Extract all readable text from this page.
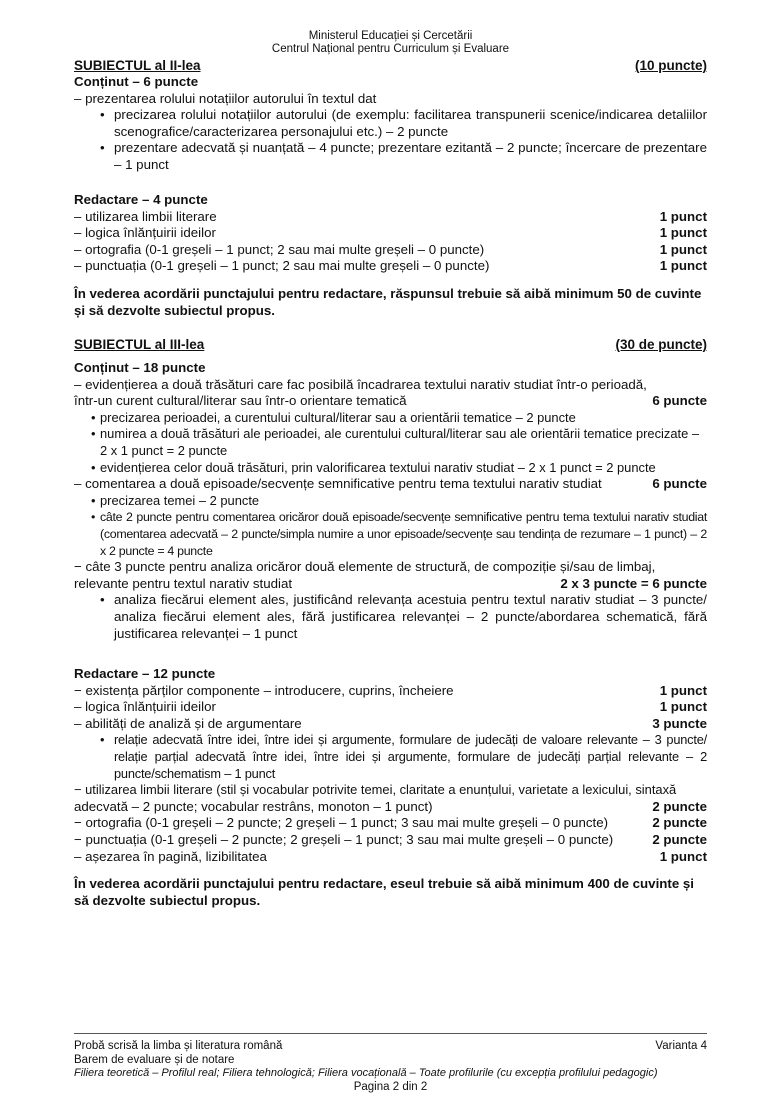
Ministerul Educației și Cercetării
Centrul Național pentru Curriculum și Evaluare
SUBIECTUL al II-lea	(10 puncte)
Conținut – 6 puncte
– prezentarea rolului notațiilor autorului în textul dat
• precizarea rolului notațiilor autorului (de exemplu: facilitarea transpunerii scenice/indicarea detaliilor scenografice/caracterizarea personajului etc.) – 2 puncte
• prezentare adecvată și nuanțată – 4 puncte; prezentare ezitantă – 2 puncte; încercare de prezentare – 1 punct
Redactare – 4 puncte
– utilizarea limbii literare	1 punct
– logica înlănțuirii ideilor	1 punct
– ortografia (0-1 greșeli – 1 punct; 2 sau mai multe greșeli – 0 puncte)	1 punct
– punctuația (0-1 greșeli – 1 punct; 2 sau mai multe greșeli – 0 puncte)	1 punct
În vederea acordării punctajului pentru redactare, răspunsul trebuie să aibă minimum 50 de cuvinte și să dezvolte subiectul propus.
SUBIECTUL al III-lea	(30 de puncte)
Conținut – 18 puncte
– evidențierea a două trăsături care fac posibilă încadrarea textului narativ studiat într-o perioadă,
într-un curent cultural/literar sau într-o orientare tematică	6 puncte
• precizarea perioadei, a curentului cultural/literar sau a orientării tematice – 2 puncte
• numirea a două trăsături ale perioadei, ale curentului cultural/literar sau ale orientării tematice precizate – 2 x 1 punct = 2 puncte
• evidențierea celor două trăsături, prin valorificarea textului narativ studiat – 2 x 1 punct = 2 puncte
– comentarea a două episoade/secvențe semnificative pentru tema textului narativ studiat	6 puncte
• precizarea temei – 2 puncte
• câte 2 puncte pentru comentarea oricăror două episoade/secvențe semnificative pentru tema textului narativ studiat (comentarea adecvată – 2 puncte/simpla numire a unor episoade/secvențe sau tendința de rezumare – 1 punct) – 2 x 2 puncte = 4 puncte
− câte 3 puncte pentru analiza oricăror două elemente de structură, de compoziție și/sau de limbaj,
relevante pentru textul narativ studiat	2 x 3 puncte = 6 puncte
• analiza fiecărui element ales, justificând relevanța acestuia pentru textul narativ studiat – 3 puncte/ analiza fiecărui element ales, fără justificarea relevanței – 2 puncte/abordarea schematică, fără justificarea relevanței – 1 punct
Redactare – 12 puncte
− existența părților componente – introducere, cuprins, încheiere	1 punct
– logica înlănțuirii ideilor	1 punct
– abilități de analiză și de argumentare	3 puncte
• relație adecvată între idei, între idei și argumente, formulare de judecăți de valoare relevante – 3 puncte/ relație parțial adecvată între idei, între idei și argumente, formulare de judecăți parțial relevante – 2 puncte/schematism – 1 punct
− utilizarea limbii literare (stil și vocabular potrivite temei, claritate a enunțului, varietate a lexicului, sintaxă
adecvată – 2 puncte; vocabular restrâns, monoton – 1 punct)	2 puncte
− ortografia (0-1 greșeli – 2 puncte; 2 greșeli – 1 punct; 3 sau mai multe greșeli – 0 puncte)	2 puncte
− punctuația (0-1 greșeli – 2 puncte; 2 greșeli – 1 punct; 3 sau mai multe greșeli – 0 puncte)	2 puncte
– așezarea în pagină, lizibilitatea	1 punct
În vederea acordării punctajului pentru redactare, eseul trebuie să aibă minimum 400 de cuvinte și să dezvolte subiectul propus.
Probă scrisă la limba și literatura română	Varianta 4
Barem de evaluare și de notare
Filiera teoretică – Profilul real; Filiera tehnologică; Filiera vocațională – Toate profilurile (cu excepția profilului pedagogic)
Pagina 2 din 2
